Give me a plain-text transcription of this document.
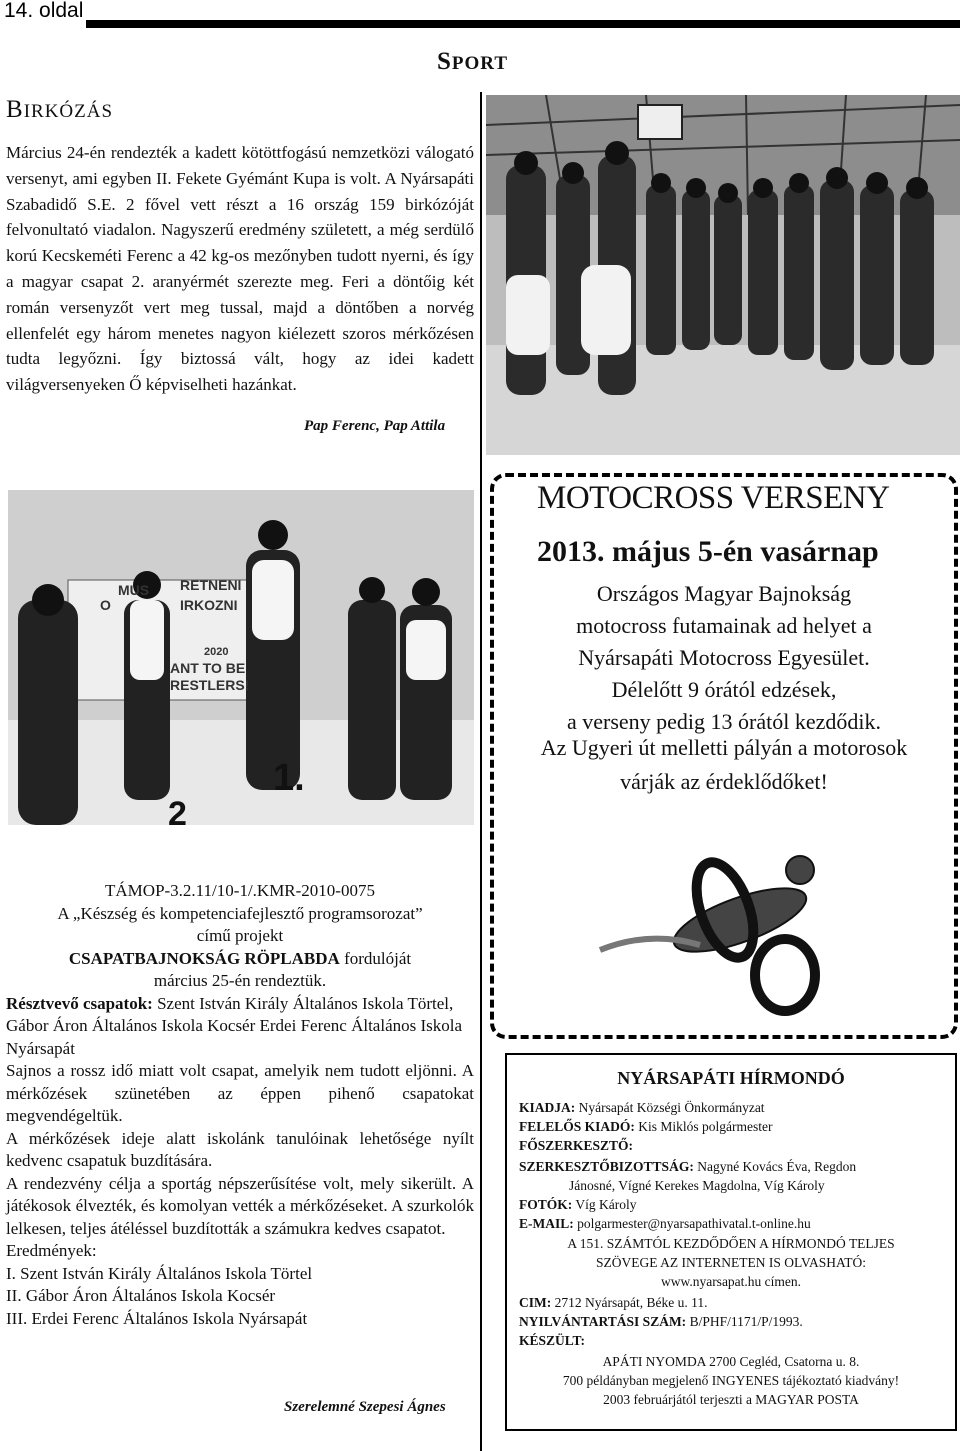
14. oldal
SPORT
BIRKÓZÁS
Március 24-én rendezték a kadett kötöttfogású nemzetközi válogató versenyt, ami egyben II. Fekete Gyémánt Kupa is volt. A Nyársapáti Szabadidő S.E. 2 fővel vett részt a 16 ország 159 birkózóját felvonultató viadalon. Nagyszerű eredmény született, a még serdülő korú Kecskeméti Ferenc a 42 kg-os mezőnyben tudott nyerni, és így a magyar csapat 2. aranyérmét szerezte meg. Feri a döntőig két román versenyzőt vert meg tussal, majd a döntőben a norvég ellenfelét egy három menetes nagyon kiélezett szoros mérkőzésen tudta legyőzni. Így biztossá vált, hogy az idei kadett világversenyeken Ő képviselheti hazánkat.
Pap Ferenc, Pap Attila
MUS RETNENI
O	IRKOZNI
2020
ANT TO BE
RESTLERS!
1.
2
MOTOCROSS VERSENY
2013. május 5-én vasárnap
Országos Magyar Bajnokság
motocross futamainak ad helyet a
Nyársapáti Motocross Egyesület.
Délelőtt 9 órától edzések,
a verseny pedig 13 órától kezdődik.
Az Ugyeri út melletti pályán a motorosok
várják az érdeklődőket!
TÁMOP-3.2.11/10-1/.KMR-2010-0075
A „Készség és kompetenciafejlesztő programsorozat”
című projekt
CSAPATBAJNOKSÁG RÖPLABDA fordulóját
március 25-én rendeztük.
Résztvevő csapatok: Szent István Király Általános Iskola Törtel, Gábor Áron Általános Iskola Kocsér Erdei Ferenc Általános Iskola Nyársapát
Sajnos a rossz idő miatt volt csapat, amelyik nem tudott eljönni. A mérkőzések szünetében az éppen pihenő csapatokat megvendégeltük.
A mérkőzések ideje alatt iskolánk tanulóinak lehetősége nyílt kedvenc csapatuk buzdítására.
A rendezvény célja a sportág népszerűsítése volt, mely sikerült. A játékosok élvezték, és komolyan vették a mérkőzéseket. A szurkolók lelkesen, teljes átéléssel buzdították a számukra kedves csapatot.
Eredmények:
I. Szent István Király Általános Iskola Törtel
II. Gábor Áron Általános Iskola Kocsér
III. Erdei Ferenc Általános Iskola Nyársapát
Szerelemné Szepesi Ágnes
NYÁRSAPÁTI HÍRMONDÓ
KIADJA: Nyársapát Községi Önkormányzat
FELELŐS KIADÓ: Kis Miklós polgármester
FŐSZERKESZTŐ:
SZERKESZTŐBIZOTTSÁG: Nagyné Kovács Éva, Regdon
Jánosné, Vígné Kerekes Magdolna, Víg Károly
FOTÓK: Víg Károly
E-MAIL: polgarmester@nyarsapathivatal.t-online.hu
A 151. SZÁMTÓL KEZDŐDŐEN A HÍRMONDÓ TELJES
SZÖVEGE AZ INTERNETEN IS OLVASHATÓ:
www.nyarsapat.hu címen.
CIM: 2712 Nyársapát, Béke u. 11.
NYILVÁNTARTÁSI SZÁM: B/PHF/1171/P/1993.
KÉSZÜLT:
APÁTI NYOMDA 2700 Cegléd, Csatorna u. 8.
700 példányban megjelenő INGYENES tájékoztató kiadvány!
2003 februárjától terjeszti a MAGYAR POSTA
